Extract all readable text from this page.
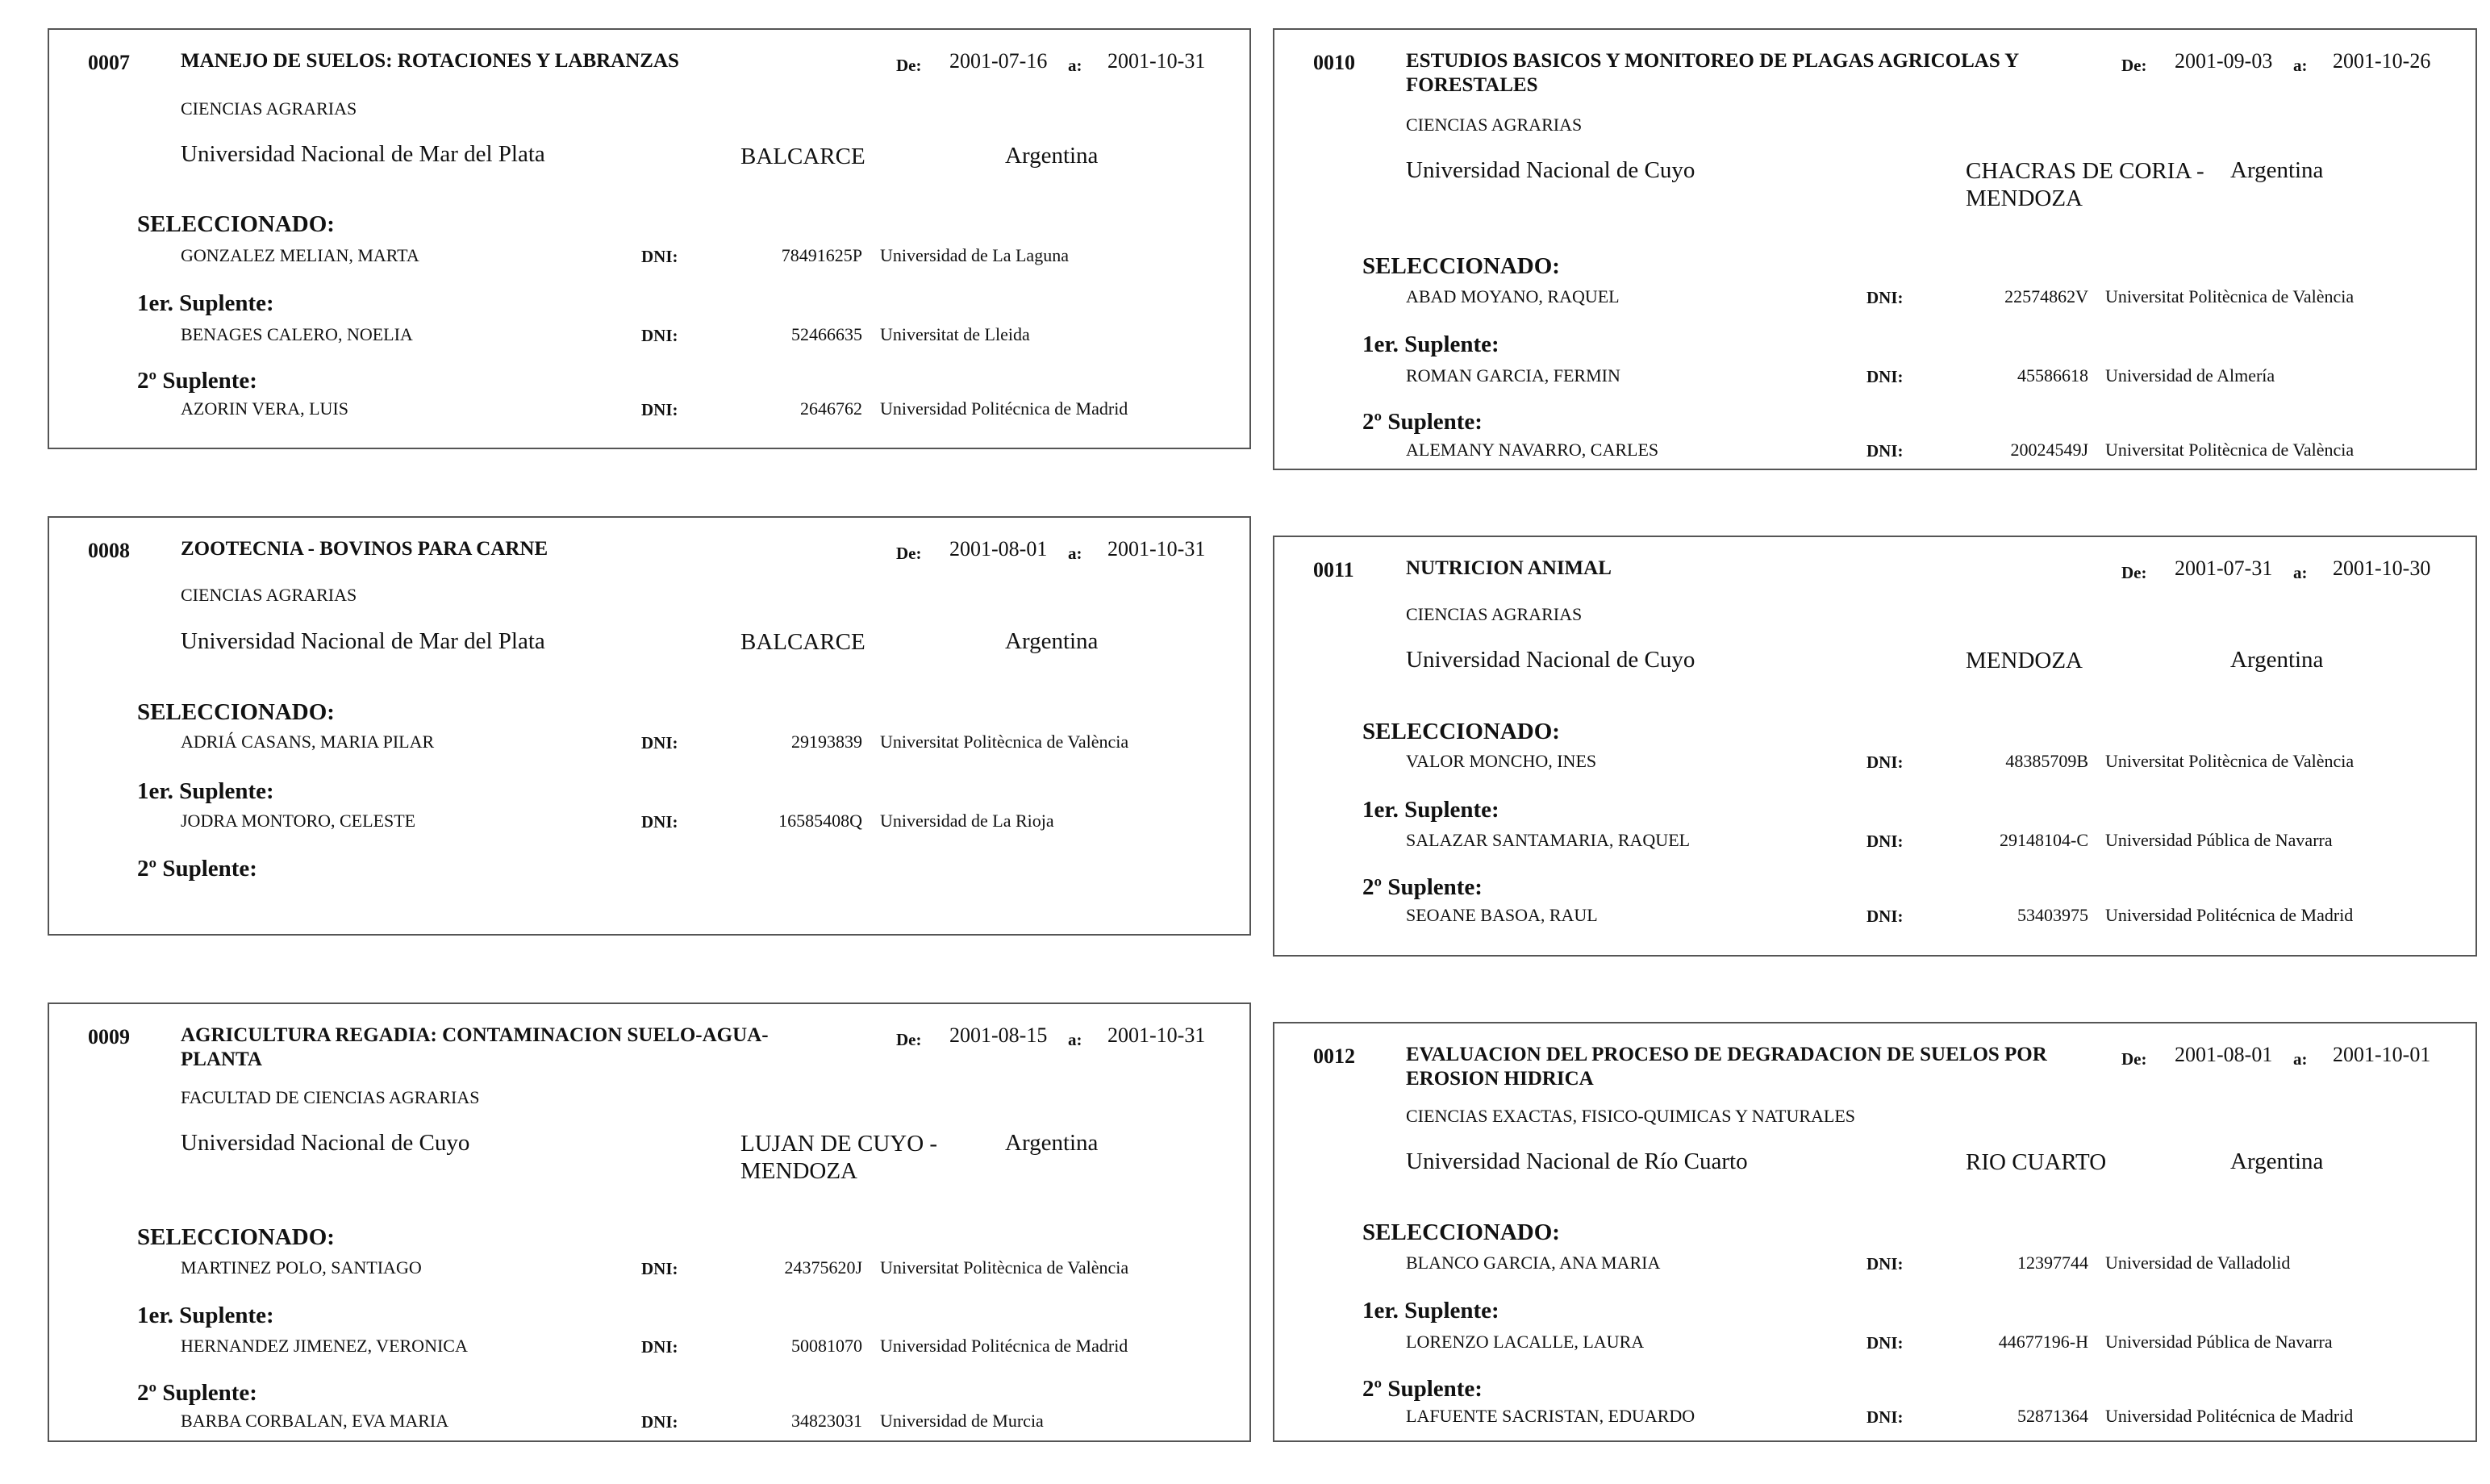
0007	MANEJO DE SUELOS: ROTACIONES Y LABRANZAS	De: 2001-07-16 a: 2001-10-31
CIENCIAS AGRARIAS
Universidad Nacional de Mar del Plata	BALCARCE	Argentina
SELECCIONADO:
GONZALEZ MELIAN, MARTA	DNI:	78491625P Universidad de La Laguna
1er. Suplente:
BENAGES CALERO, NOELIA	DNI:	52466635 Universitat de Lleida
2º Suplente:
AZORIN VERA, LUIS	DNI:	2646762 Universidad Politécnica de Madrid
0008	ZOOTECNIA - BOVINOS PARA CARNE	De: 2001-08-01 a: 2001-10-31
CIENCIAS AGRARIAS
Universidad Nacional de Mar del Plata	BALCARCE	Argentina
SELECCIONADO:
ADRIÁ CASANS, MARIA PILAR	DNI:	29193839 Universitat Politècnica de València
1er. Suplente:
JODRA MONTORO, CELESTE	DNI:	16585408Q Universidad de La Rioja
2º Suplente:
0009	AGRICULTURA REGADIA: CONTAMINACION SUELO-AGUA-PLANTA
De: 2001-08-15 a: 2001-10-31
FACULTAD DE CIENCIAS AGRARIAS
Universidad Nacional de Cuyo	LUJAN DE CUYO - MENDOZA
Argentina
SELECCIONADO:
MARTINEZ POLO, SANTIAGO	DNI:	24375620J Universitat Politècnica de València
1er. Suplente:
HERNANDEZ JIMENEZ, VERONICA	DNI:	50081070 Universidad Politécnica de Madrid
2º Suplente:
BARBA CORBALAN, EVA MARIA	DNI:	34823031 Universidad de Murcia
0010	ESTUDIOS BASICOS Y MONITOREO DE PLAGAS AGRICOLAS Y FORESTALES
De: 2001-09-03 a: 2001-10-26
CIENCIAS AGRARIAS
Universidad Nacional de Cuyo	CHACRAS DE CORIA - MENDOZA
Argentina
SELECCIONADO:
ABAD MOYANO, RAQUEL	DNI:	22574862V Universitat Politècnica de València
1er. Suplente:
ROMAN GARCIA, FERMIN	DNI:	45586618 Universidad de Almería
2º Suplente:
ALEMANY NAVARRO, CARLES	DNI:	20024549J Universitat Politècnica de València
0011	NUTRICION ANIMAL	De: 2001-07-31 a: 2001-10-30
CIENCIAS AGRARIAS
Universidad Nacional de Cuyo	MENDOZA	Argentina
SELECCIONADO:
VALOR MONCHO, INES	DNI:	48385709B Universitat Politècnica de València
1er. Suplente:
SALAZAR SANTAMARIA, RAQUEL	DNI:	29148104-C Universidad Pública de Navarra
2º Suplente:
SEOANE BASOA, RAUL	DNI:	53403975 Universidad Politécnica de Madrid
0012	EVALUACION DEL PROCESO DE DEGRADACION DE SUELOS POR EROSION HIDRICA
De: 2001-08-01 a: 2001-10-01
CIENCIAS EXACTAS, FISICO-QUIMICAS Y NATURALES
Universidad Nacional de Río Cuarto	RIO CUARTO	Argentina
SELECCIONADO:
BLANCO GARCIA, ANA MARIA	DNI:	12397744 Universidad de Valladolid
1er. Suplente:
LORENZO LACALLE, LAURA	DNI:	44677196-H Universidad Pública de Navarra
2º Suplente:
LAFUENTE SACRISTAN, EDUARDO	DNI:	52871364 Universidad Politécnica de Madrid
